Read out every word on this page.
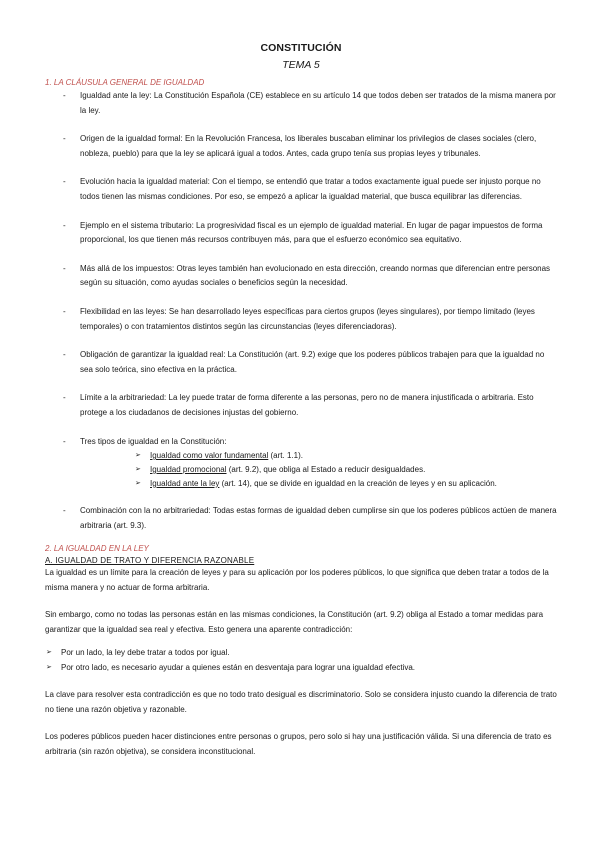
CONSTITUCIÓN
TEMA 5
1. LA CLÁUSULA GENERAL DE IGUALDAD
- Igualdad ante la ley: La Constitución Española (CE) establece en su artículo 14 que todos deben ser tratados de la misma manera por la ley.
- Origen de la igualdad formal: En la Revolución Francesa, los liberales buscaban eliminar los privilegios de clases sociales (clero, nobleza, pueblo) para que la ley se aplicará igual a todos. Antes, cada grupo tenía sus propias leyes y tribunales.
- Evolución hacia la igualdad material: Con el tiempo, se entendió que tratar a todos exactamente igual puede ser injusto porque no todos tienen las mismas condiciones. Por eso, se empezó a aplicar la igualdad material, que busca equilibrar las diferencias.
- Ejemplo en el sistema tributario: La progresividad fiscal es un ejemplo de igualdad material. En lugar de pagar impuestos de forma proporcional, los que tienen más recursos contribuyen más, para que el esfuerzo económico sea equitativo.
- Más allá de los impuestos: Otras leyes también han evolucionado en esta dirección, creando normas que diferencian entre personas según su situación, como ayudas sociales o beneficios según la necesidad.
- Flexibilidad en las leyes: Se han desarrollado leyes específicas para ciertos grupos (leyes singulares), por tiempo limitado (leyes temporales) o con tratamientos distintos según las circunstancias (leyes diferenciadoras).
- Obligación de garantizar la igualdad real: La Constitución (art. 9.2) exige que los poderes públicos trabajen para que la igualdad no sea solo teórica, sino efectiva en la práctica.
- Límite a la arbitrariedad: La ley puede tratar de forma diferente a las personas, pero no de manera injustificada o arbitraria. Esto protege a los ciudadanos de decisiones injustas del gobierno.
- Tres tipos de igualdad en la Constitución:
➢ Igualdad como valor fundamental (art. 1.1).
➢ Igualdad promocional (art. 9.2), que obliga al Estado a reducir desigualdades.
➢ Igualdad ante la ley (art. 14), que se divide en igualdad en la creación de leyes y en su aplicación.
- Combinación con la no arbitrariedad: Todas estas formas de igualdad deben cumplirse sin que los poderes públicos actúen de manera arbitraria (art. 9.3).
2. LA IGUALDAD EN LA LEY
A. IGUALDAD DE TRATO Y DIFERENCIA RAZONABLE

La igualdad es un límite para la creación de leyes y para su aplicación por los poderes públicos, lo que significa que deben tratar a todos de la misma manera y no actuar de forma arbitraria.

Sin embargo, como no todas las personas están en las mismas condiciones, la Constitución (art. 9.2) obliga al Estado a tomar medidas para garantizar que la igualdad sea real y efectiva. Esto genera una aparente contradicción:

➢ Por un lado, la ley debe tratar a todos por igual.
➢ Por otro lado, es necesario ayudar a quienes están en desventaja para lograr una igualdad efectiva.

La clave para resolver esta contradicción es que no todo trato desigual es discriminatorio. Solo se considera injusto cuando la diferencia de trato no tiene una razón objetiva y razonable.

Los poderes públicos pueden hacer distinciones entre personas o grupos, pero solo si hay una justificación válida. Si una diferencia de trato es arbitraria (sin razón objetiva), se considera inconstitucional.
